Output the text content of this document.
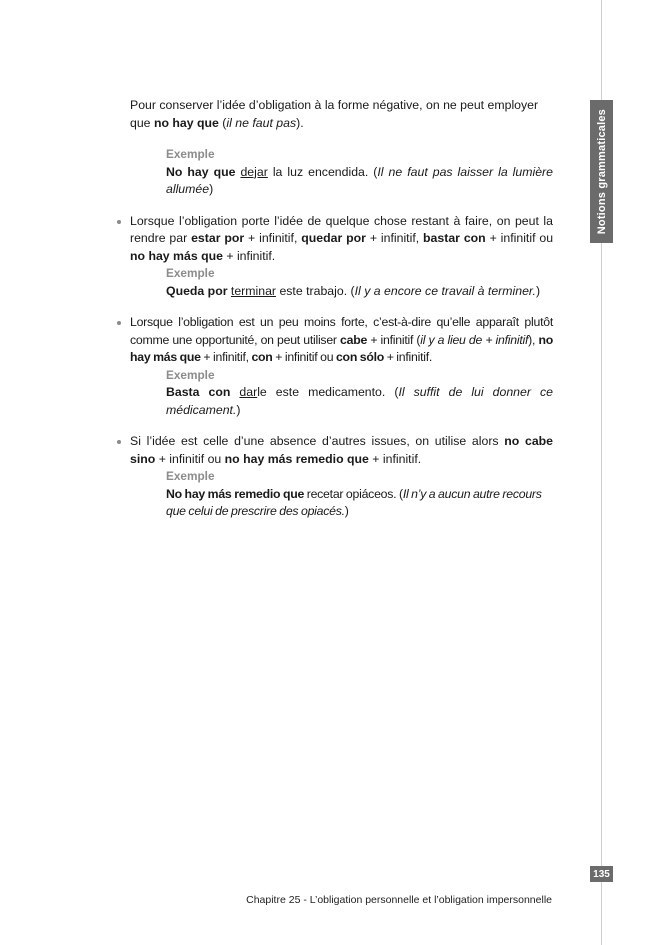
Notions grammaticales

Pour conserver l’idée d’obligation à la forme négative, on ne peut employer que no hay que (il ne faut pas).

Exemple
No hay que dejar la luz encendida. (Il ne faut pas laisser la lumière allumée)

Lorsque l’obligation porte l’idée de quelque chose restant à faire, on peut la rendre par estar por + infinitif, quedar por + infinitif, bastar con + infinitif ou no hay más que + infinitif.

Exemple
Queda por terminar este trabajo. (Il y a encore ce travail à terminer.)

Lorsque l’obligation est un peu moins forte, c’est-à-dire qu’elle apparaît plutôt comme une opportunité, on peut utiliser cabe + infinitif (il y a lieu de + infinitif), no hay más que + infinitif, con + infinitif ou con sólo + infinitif.

Exemple
Basta con darle este medicamento. (Il suffit de lui donner ce médicament.)

Si l’idée est celle d’une absence d’autres issues, on utilise alors no cabe sino + infinitif ou no hay más remedio que + infinitif.

Exemple
No hay más remedio que recetar opiáceos. (Il n’y a aucun autre recours que celui de prescrire des opiacés.)
Chapitre 25 - L’obligation personnelle et l’obligation impersonnelle
135
